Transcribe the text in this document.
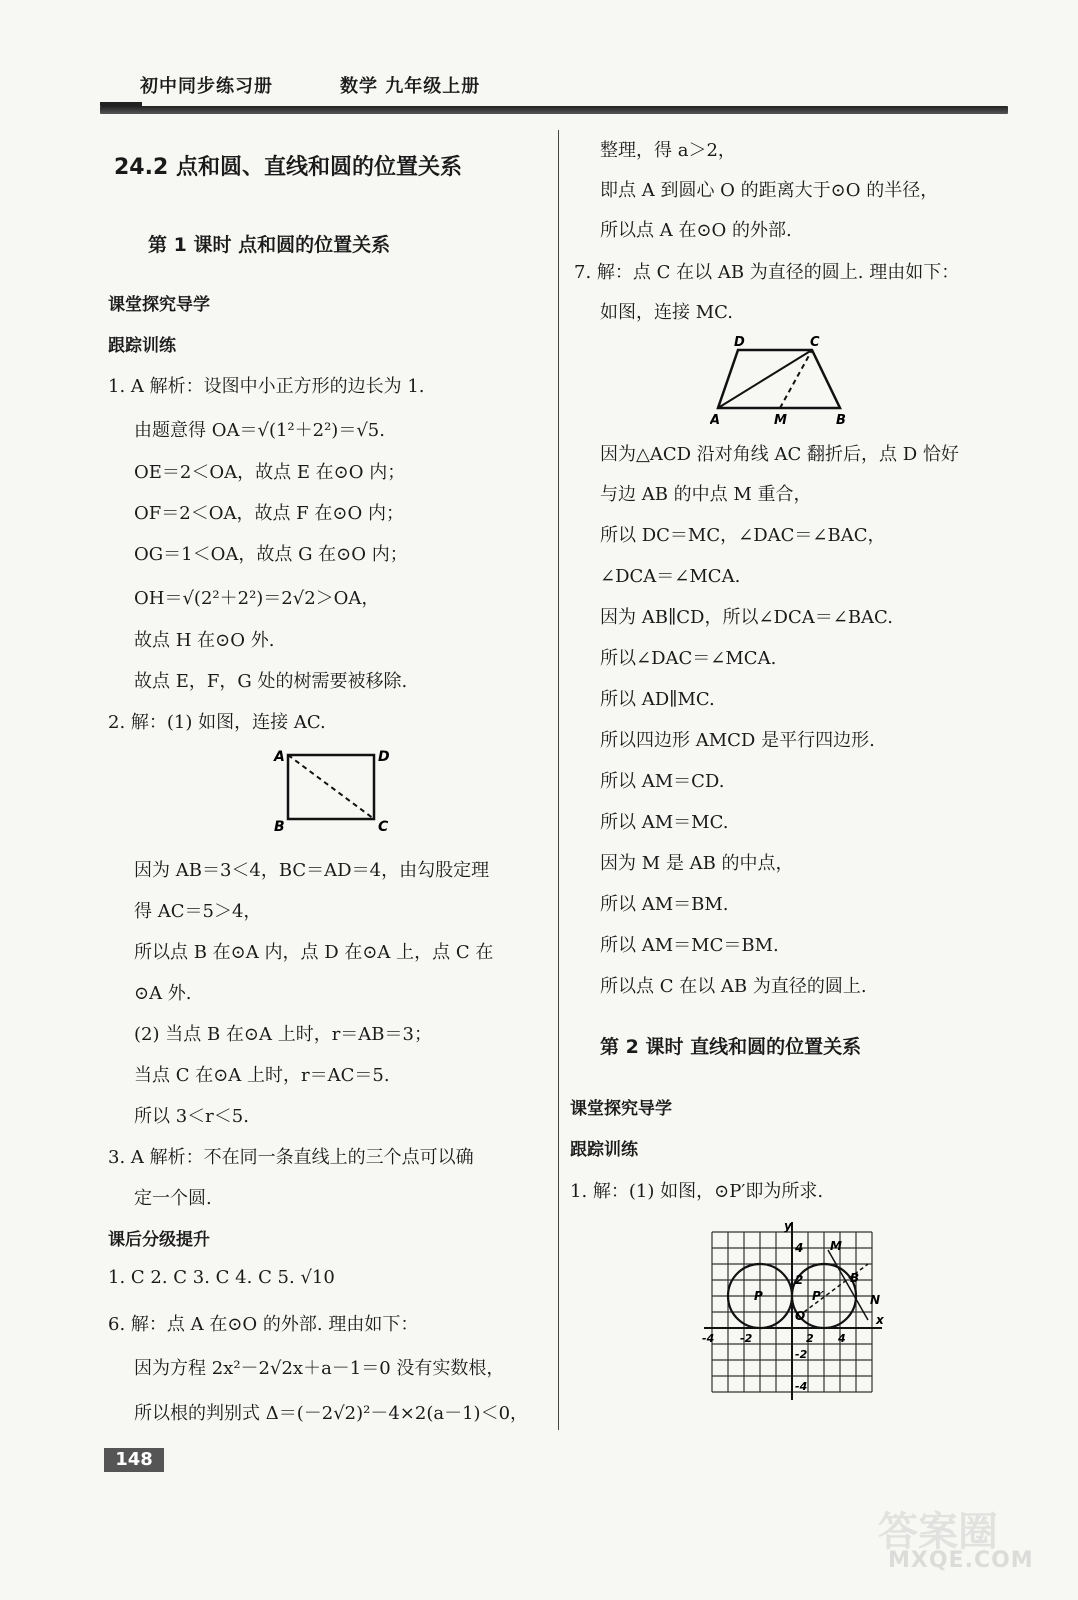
初中同步练习册	数学 九年级上册
24.2 点和圆、直线和圆的位置关系
第 1 课时 点和圆的位置关系
课堂探究导学
跟踪训练
1. A 解析：设图中小正方形的边长为 1.
由题意得 OA＝√(1²＋2²)＝√5.
OE＝2＜OA，故点 E 在⊙O 内；
OF＝2＜OA，故点 F 在⊙O 内；
OG＝1＜OA，故点 G 在⊙O 内；
OH＝√(2²＋2²)＝2√2＞OA，
故点 H 在⊙O 外.
故点 E，F，G 处的树需要被移除.
2. 解：(1) 如图，连接 AC.
A	D
B	C
因为 AB＝3＜4，BC＝AD＝4，由勾股定理
得 AC＝5＞4，
所以点 B 在⊙A 内，点 D 在⊙A 上，点 C 在
⊙A 外.
(2) 当点 B 在⊙A 上时，r＝AB＝3；
当点 C 在⊙A 上时，r＝AC＝5.
所以 3＜r＜5.
3. A 解析：不在同一条直线上的三个点可以确
定一个圆.
课后分级提升
1. C 2. C 3. C 4. C 5. √10
6. 解：点 A 在⊙O 的外部. 理由如下：
因为方程 2x²－2√2x＋a－1＝0 没有实数根，
所以根的判别式 Δ＝(－2√2)²－4×2(a－1)＜0，
整理，得 a＞2，
即点 A 到圆心 O 的距离大于⊙O 的半径，
所以点 A 在⊙O 的外部.
7. 解：点 C 在以 AB 为直径的圆上. 理由如下：
如图，连接 MC.
D	C
A	M	B
因为△ACD 沿对角线 AC 翻折后，点 D 恰好
与边 AB 的中点 M 重合，
所以 DC＝MC，∠DAC＝∠BAC，
∠DCA＝∠MCA.
因为 AB∥CD，所以∠DCA＝∠BAC.
所以∠DAC＝∠MCA.
所以 AD∥MC.
所以四边形 AMCD 是平行四边形.
所以 AM＝CD.
所以 AM＝MC.
因为 M 是 AB 的中点，
所以 AM＝BM.
所以 AM＝MC＝BM.
所以点 C 在以 AB 为直径的圆上.
第 2 课时 直线和圆的位置关系
课堂探究导学
跟踪训练
1. 解：(1) 如图，⊙P′即为所求.
y
4
2
M
P	P′
O
B
N
-4 -2	2 4
x
-2
-4
148
答案圈
MXQE.COM
